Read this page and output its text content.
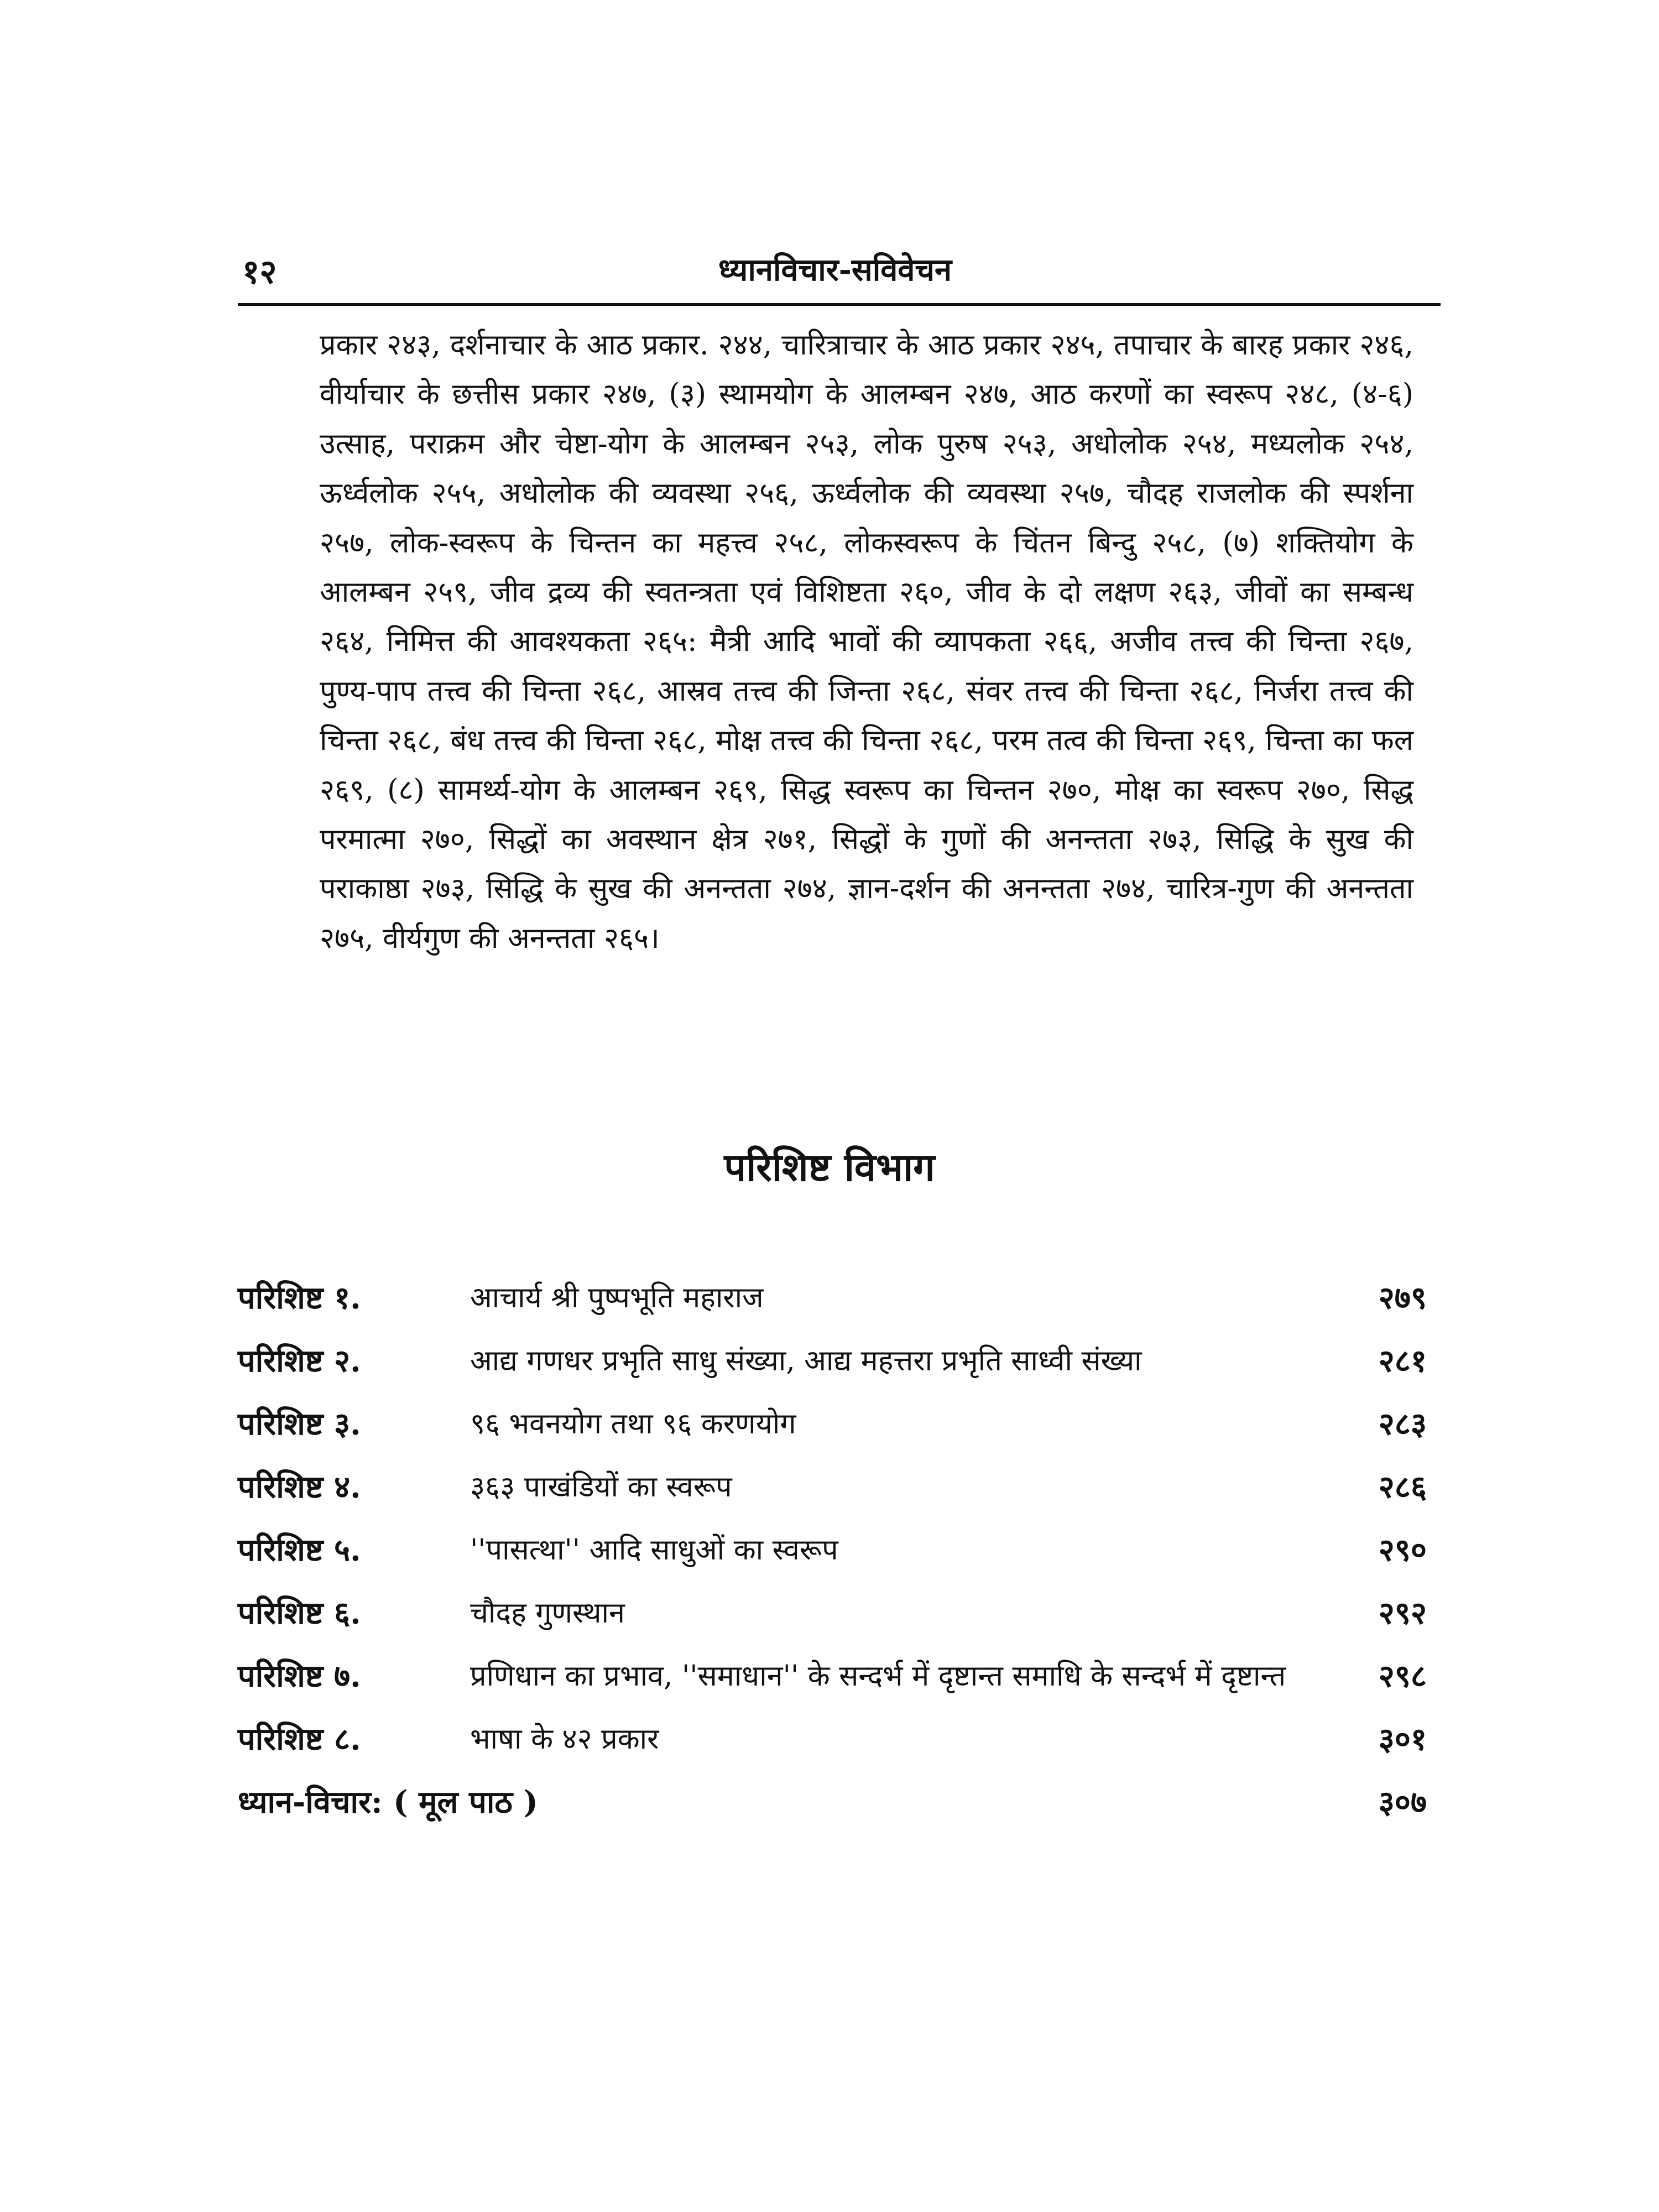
१२	ध्यानविचार-सविवेचन

प्रकार २४३, दर्शनाचार के आठ प्रकार. २४४, चारित्राचार के आठ प्रकार २४५, तपाचार के बारह प्रकार २४६, वीर्याचार के छत्तीस प्रकार २४७, (३) स्थामयोग के आलम्बन २४७, आठ करणों का स्वरूप २४८, (४-६) उत्साह, पराक्रम और चेष्टा-योग के आलम्बन २५३, लोक पुरुष २५३, अधोलोक २५४, मध्यलोक २५४, ऊर्ध्वलोक २५५, अधोलोक की व्यवस्था २५६, ऊर्ध्वलोक की व्यवस्था २५७, चौदह राजलोक की स्पर्शना २५७, लोक-स्वरूप के चिन्तन का महत्त्व २५८, लोकस्वरूप के चिंतन बिन्दु २५८, (७) शक्तियोग के आलम्बन २५९, जीव द्रव्य की स्वतन्त्रता एवं विशिष्टता २६०, जीव के दो लक्षण २६३, जीवों का सम्बन्ध २६४, निमित्त की आवश्यकता २६५: मैत्री आदि भावों की व्यापकता २६६, अजीव तत्त्व की चिन्ता २६७, पुण्य-पाप तत्त्व की चिन्ता २६८, आस्रव तत्त्व की जिन्ता २६८, संवर तत्त्व की चिन्ता २६८, निर्जरा तत्त्व की चिन्ता २६८, बंध तत्त्व की चिन्ता २६८, मोक्ष तत्त्व की चिन्ता २६८, परम तत्व की चिन्ता २६९, चिन्ता का फल २६९, (८) सामर्थ्य-योग के आलम्बन २६९, सिद्ध स्वरूप का चिन्तन २७०, मोक्ष का स्वरूप २७०, सिद्ध परमात्मा २७०, सिद्धों का अवस्थान क्षेत्र २७१, सिद्धों के गुणों की अनन्तता २७३, सिद्धि के सुख की पराकाष्ठा २७३, सिद्धि के सुख की अनन्तता २७४, ज्ञान-दर्शन की अनन्तता २७४, चारित्र-गुण की अनन्तता २७५, वीर्यगुण की अनन्तता २६५।

परिशिष्ट विभाग
परिशिष्ट १.	आचार्य श्री पुष्पभूति महाराज	२७९
परिशिष्ट २.	आद्य गणधर प्रभृति साधु संख्या, आद्य महत्तरा प्रभृति साध्वी संख्या	२८१
परिशिष्ट ३.	९६ भवनयोग तथा ९६ करणयोग	२८३
परिशिष्ट ४.	३६३ पाखंडियों का स्वरूप	२८६
परिशिष्ट ५.	''पासत्था'' आदि साधुओं का स्वरूप	२९०
परिशिष्ट ६.	चौदह गुणस्थान	२९२
परिशिष्ट ७.	प्रणिधान का प्रभाव, ''समाधान'' के सन्दर्भ में दृष्टान्त समाधि के सन्दर्भ में दृष्टान्त	२९८
परिशिष्ट ८.	भाषा के ४२ प्रकार	३०१
ध्यान-विचार: ( मूल पाठ )	३०७
